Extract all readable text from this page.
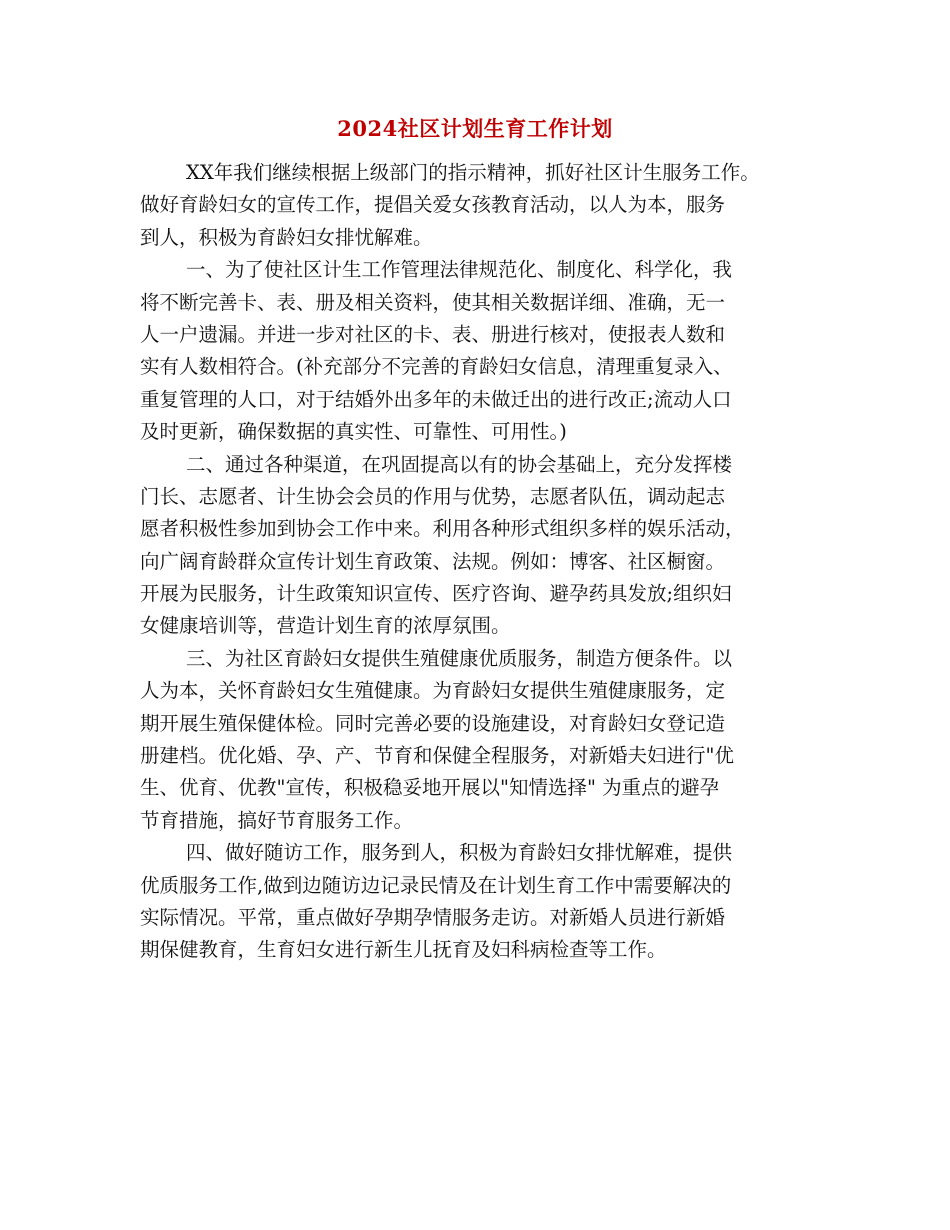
2024社区计划生育工作计划
XX年我们继续根据上级部门的指示精神，抓好社区计生服务工作。
做好育龄妇女的宣传工作，提倡关爱女孩教育活动，以人为本，服务
到人，积极为育龄妇女排忧解难。
一、为了使社区计生工作管理法律规范化、制度化、科学化，我
将不断完善卡、表、册及相关资料，使其相关数据详细、准确，无一
人一户遗漏。并进一步对社区的卡、表、册进行核对，使报表人数和
实有人数相符合。(补充部分不完善的育龄妇女信息，清理重复录入、
重复管理的人口，对于结婚外出多年的未做迁出的进行改正;流动人口
及时更新，确保数据的真实性、可靠性、可用性。)
二、通过各种渠道，在巩固提高以有的协会基础上，充分发挥楼
门长、志愿者、计生协会会员的作用与优势，志愿者队伍，调动起志
愿者积极性参加到协会工作中来。利用各种形式组织多样的娱乐活动，
向广阔育龄群众宣传计划生育政策、法规。例如：博客、社区橱窗。
开展为民服务，计生政策知识宣传、医疗咨询、避孕药具发放;组织妇
女健康培训等，营造计划生育的浓厚氛围。
三、为社区育龄妇女提供生殖健康优质服务，制造方便条件。以
人为本，关怀育龄妇女生殖健康。为育龄妇女提供生殖健康服务，定
期开展生殖保健体检。同时完善必要的设施建设，对育龄妇女登记造
册建档。优化婚、孕、产、节育和保健全程服务，对新婚夫妇进行"优
生、优育、优教"宣传，积极稳妥地开展以"知情选择" 为重点的避孕
节育措施，搞好节育服务工作。
四、做好随访工作，服务到人，积极为育龄妇女排忧解难，提供
优质服务工作,做到边随访边记录民情及在计划生育工作中需要解决的
实际情况。平常，重点做好孕期孕情服务走访。对新婚人员进行新婚
期保健教育，生育妇女进行新生儿抚育及妇科病检查等工作。
